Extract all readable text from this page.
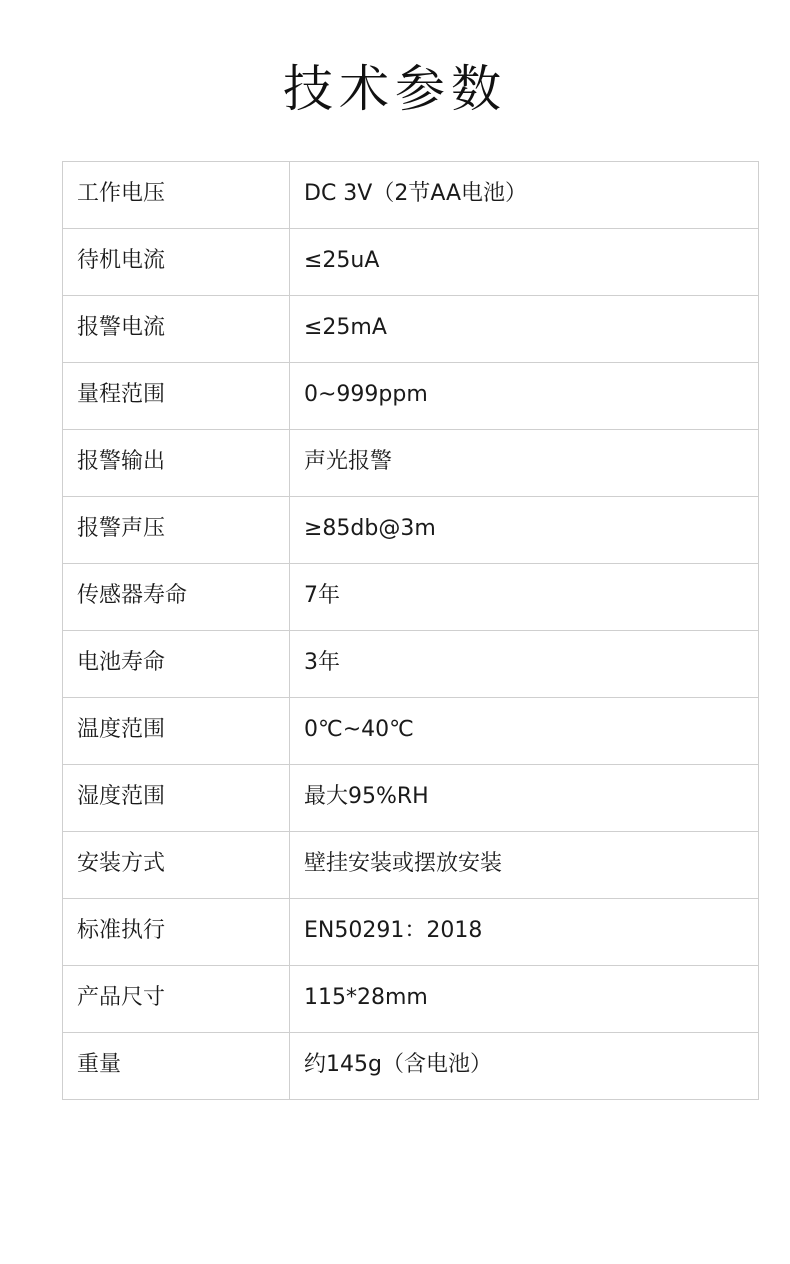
技术参数
工作电压	DC 3V（2节AA电池）
待机电流	≤25uA
报警电流	≤25mA
量程范围	0~999ppm
报警输出	声光报警
报警声压	≥85db@3m
传感器寿命	7年
电池寿命	3年
温度范围	0℃~40℃
湿度范围	最大95%RH
安装方式	壁挂安装或摆放安装
标准执行	EN50291：2018
产品尺寸	115*28mm
重量	约145g（含电池）
